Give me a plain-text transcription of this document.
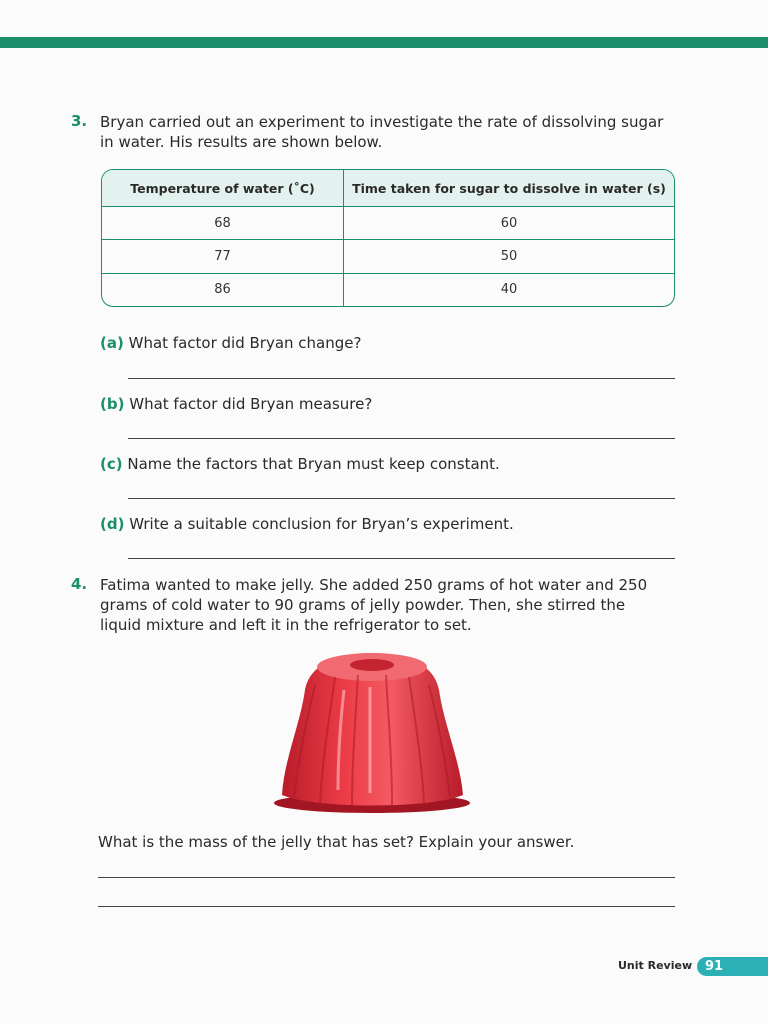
3. Bryan carried out an experiment to investigate the rate of dissolving sugar in water. His results are shown below.
Temperature of water (˚C)	Time taken for sugar to dissolve in water (s)
68	60
77	50
86	40
(a) What factor did Bryan change?
(b) What factor did Bryan measure?
(c) Name the factors that Bryan must keep constant.
(d) Write a suitable conclusion for Bryan’s experiment.
4. Fatima wanted to make jelly. She added 250 grams of hot water and 250 grams of cold water to 90 grams of jelly powder. Then, she stirred the liquid mixture and left it in the refrigerator to set.
What is the mass of the jelly that has set? Explain your answer.
Unit Review 91
